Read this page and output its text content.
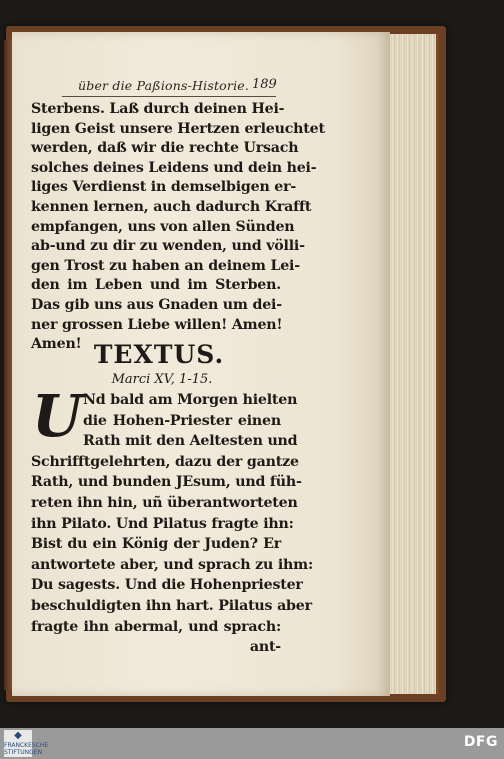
über die Paßions-Historie. 189
Sterbens. Laß durch deinen Hei-
ligen Geist unsere Hertzen erleuchtet
werden, daß wir die rechte Ursach
solches deines Leidens und dein hei-
liges Verdienst in demselbigen er-
kennen lernen, auch dadurch Krafft
empfangen, uns von allen Sünden
ab-und zu dir zu wenden, und völli-
gen Trost zu haben an deinem Lei-
den im Leben und im Sterben.
Das gib uns aus Gnaden um dei-
ner grossen Liebe willen! Amen!
Amen! TEXTUS.
Marci XV, 1-15.
U Nd bald am Morgen hielten
die Hohen-Priester einen
Rath mit den Aeltesten und
Schrifftgelehrten, dazu der gantze
Rath, und bunden JEsum, und füh-
reten ihn hin, uñ überantworteten
ihn Pilato. Und Pilatus fragte ihn:
Bist du ein König der Juden? Er
antwortete aber, und sprach zu ihm:
Du sagests. Und die Hohenpriester
beschuldigten ihn hart. Pilatus aber
fragte ihn abermal, und sprach:
ant-
◆
FRANCKESCHE STIFTUNGEN
DFG
